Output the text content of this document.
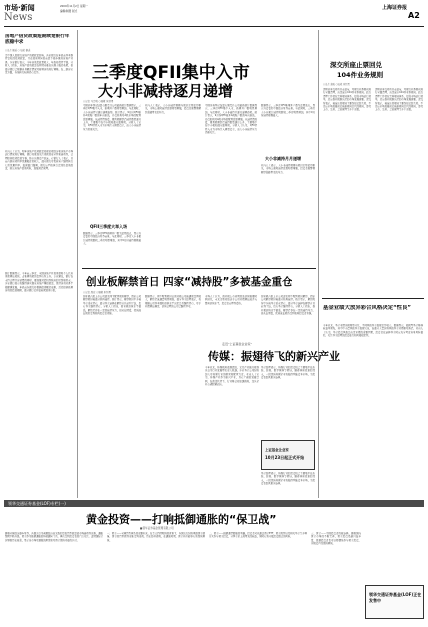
市场·新闻
News
2009年11月2日 星期一
编辑/制图 版式
上海证券报
A2
房地产信贷政策短期续宽银行年底稳中求
○记者 据悉 ○ 编辑 据悉
受中国人民银行房地产贷款政策影响，各家银行在年底前基本维持宽松的信贷政策，并在控制风险的前提下稳步推进房地产业务。多家银行表示，今年房贷投放量较大，年底将保持平稳。分析人士指出，房地产信贷政策在短期内难以出现大幅度收紧，但部分银行会根据自身额度情况对新增房贷进行调整。在二套房认定方面，各地执行标准仍有差异。
业内人士认为，明年房地产信贷政策将视宏观经济和房地产市场运行情况进行调整，银行将更加关注贷款的安全性和流动性，合理控制信贷投放节奏，防止出现资产泡沫。有银行人士表示，目前首套房贷利率优惠幅度仍较大，部分银行对优质客户继续执行七折优惠利率。监管部门强调，银行应严格执行差别化信贷政策，防范房地产信贷风险，加强贷后管理。
统计数据显示，今年前三季度，全国房地产开发贷款和个人住房贷款增长较快，占新增贷款的比例有所上升。专家建议，银行在支持合理住房消费的同时，要加强对投机性购房的识别和约束。多家银行表示将继续落实国家房地产调控政策，保持房贷业务平稳健康发展。年底前各银行将根据信贷额度安排，适度控制新增房贷的投放规模，部分银行已开始收紧放贷审批。
三季度QFII集中入市
大小非减持逐月递增
○记者 马崇明 ○编辑 朱绍勇
中国证券登记结算有限责任公司最新统计数据显示，三季度QFII集中入市，新增开户数明显增加。与此同时，大小非减持呈逐月递增态势。统计显示，9月份QFII新开A股账户数创年内新高，外资机构对A股市场的配置意愿增强。从减持情况看，限售股解禁后减持数量逐月上升，主要集中在中小板和部分蓝筹股。分析人士认为，QFII持续入市为市场注入增量资金，而大小非减持压力仍需关注。
QFII三季度大举入场
数据显示，三季度QFII新增开户数为近期高点，显示外资看好中国经济复苏前景。与此同时，三季度大小非累计减持股数较二季度明显增加，其中9月份减持规模最大。
业内人士表示，大小非减持规模与股价走势密切相关，市场上涨时减持意愿明显增强，投资者需警惕解禁高峰带来的压力。
中国证券登记结算有限责任公司最新统计数据显示，三季度QFII集中入市，新增开户数明显增加。与此同时，大小非减持呈逐月递增态势。统计显示，9月份QFII新开A股账户数创年内新高，外资机构对A股市场的配置意愿增强。从减持情况看，限售股解禁后减持数量逐月上升，主要集中在中小板和部分蓝筹股。分析人士认为，QFII持续入市为市场注入增量资金，而大小非减持压力仍需关注。
大小非减持月月递增
数据显示，三季度QFII新增开户数为近期高点，显示外资看好中国经济复苏前景。与此同时，三季度大小非累计减持股数较二季度明显增加，其中9月份减持规模最大。
业内人士表示，大小非减持规模与股价走势密切相关，市场上涨时减持意愿明显增强，投资者需警惕解禁高峰带来的压力。
深交所座止票回兑
104件业务规则
○记者 张骏 ○编辑 朱绍勇
深圳证券交易所日前宣布，对现行业务规则进行全面清理，决定废止104件业务规则。此次清理工作旨在完善规则体系，提高市场运行效率，适应创业板推出后的市场发展需要。深交所表示，被废止的规则主要包括已经失效、不适应市场发展或已被新规则替代的规则，涉及上市、交易、会员管理等多个方面。
深圳证券交易所日前宣布，对现行业务规则进行全面清理，决定废止104件业务规则。此次清理工作旨在完善规则体系，提高市场运行效率，适应创业板推出后的市场发展需要。深交所表示，被废止的规则主要包括已经失效、不适应市场发展或已被新规则替代的规则，涉及上市、交易、会员管理等多个方面。
基金业绩大放异彩合风格决定“性良”
今年以来，基金业绩出现明显分化，不同风格基金表现差异较大。数据显示，偏股型基金整体收益率领先，其中中小盘风格基金表现突出，而部分大盘价值风格基金业绩相对落后。业内人士认为，基金投资风格是决定业绩的重要因素，投资者在选择基金时应充分考虑自身风险偏好，关注基金经理的投资能力和风格稳定性。
创业板解禁首日 四家“减持股”多被基金重仓
○记者 周宏 ○编辑 朱绍勇
创业板首批上市公司迎来网下配售股份解禁，四家公司解禁股份被部分机构减持。统计显示，解禁股份中多被基金重仓持有，部分基金选择在解禁首日获利了结，也有基金继续持有。分析人士指出，创业板估值水平偏高，解禁后存在一定的减持压力，但从长期看，优质成长股仍受到机构投资者青睐。
数据显示，网下配售股份占创业板公司流通股比例较大，解禁后流通盘明显增加。部分基金经理表示，将根据公司基本面和估值水平决定是否继续持有，对于业绩增长确定、估值合理的公司会继续坚守。
市场人士认为，创业板上市初期的高估值需要时间消化，未来走势将取决于公司业绩增长能否支撑其估值水平，投资者应理性看待。
创业板首批上市公司迎来网下配售股份解禁，四家公司解禁股份被部分机构减持。统计显示，解禁股份中多被基金重仓持有，部分基金选择在解禁首日获利了结，也有基金继续持有。分析人士指出，创业板估值水平偏高，解禁后存在一定的减持压力，但从长期看，优质成长股仍受到机构投资者青睐。
走近“上证基金企业家”
传媒：振翅待飞的新兴产业
今年以来，传媒板块表现活跃，文化产业振兴规划出台为行业发展带来重大机遇。多家基金公司纷纷加大对传媒行业的研究和配置力度。业内人士认为，传媒产业作为新兴产业，具有广阔的发展空间，在政策扶持下，行业整合将加速推进，龙头企业有望脱颖而出。
基金经理表示，传媒行业的投资机会主要集中在出版、影视、数字媒体等领域，随着体制改革的深入，一批优质传媒企业将陆续登陆资本市场，为投资者提供更多选择。
上证基金企业家
10月23日起正式开始
基金经理表示，传媒行业的投资机会主要集中在出版、影视、数字媒体等领域，随着体制改革的深入，一批优质传媒企业将陆续登陆资本市场，为投资者提供更多选择。
领华交通证券基金(LOF)专栏(一)
黄金投资——打响抵御通胀的“保卫战”
■领华证券基金管理有限公司
随着全球经济逐步复苏，各国央行为刺激经济而采取的宽松货币政策使市场流动性充裕，通胀预期不断升温。黄金作为抵御通胀的传统避险工具，再次受到投资者的广泛关注。近期国际金价屡创历史新高，显示出市场对通胀的担忧和对黄金保值功能的认可。
一、黄金——全球货币体系的重要补充。在美元持续贬值的背景下，各国央行纷纷增加黄金储备，黄金的货币属性重新受到重视。历史经验表明，在通胀时期，黄金往往能够有效保值增值。
二、黄金——抵御通货膨胀的利器。投资者可以通过黄金ETF、黄金股票以及相关基金等多种方式参与黄金投资，分享金价上涨带来的收益，同时有效分散投资组合的风险。
三、黄金——中国投资者的新选择。随着国内黄金市场的不断完善，黄金投资渠道日益丰富，普通投资者也可以便捷地参与黄金投资，实现资产的保值增值。
领华交通证券基金(LOF)正在发售中
